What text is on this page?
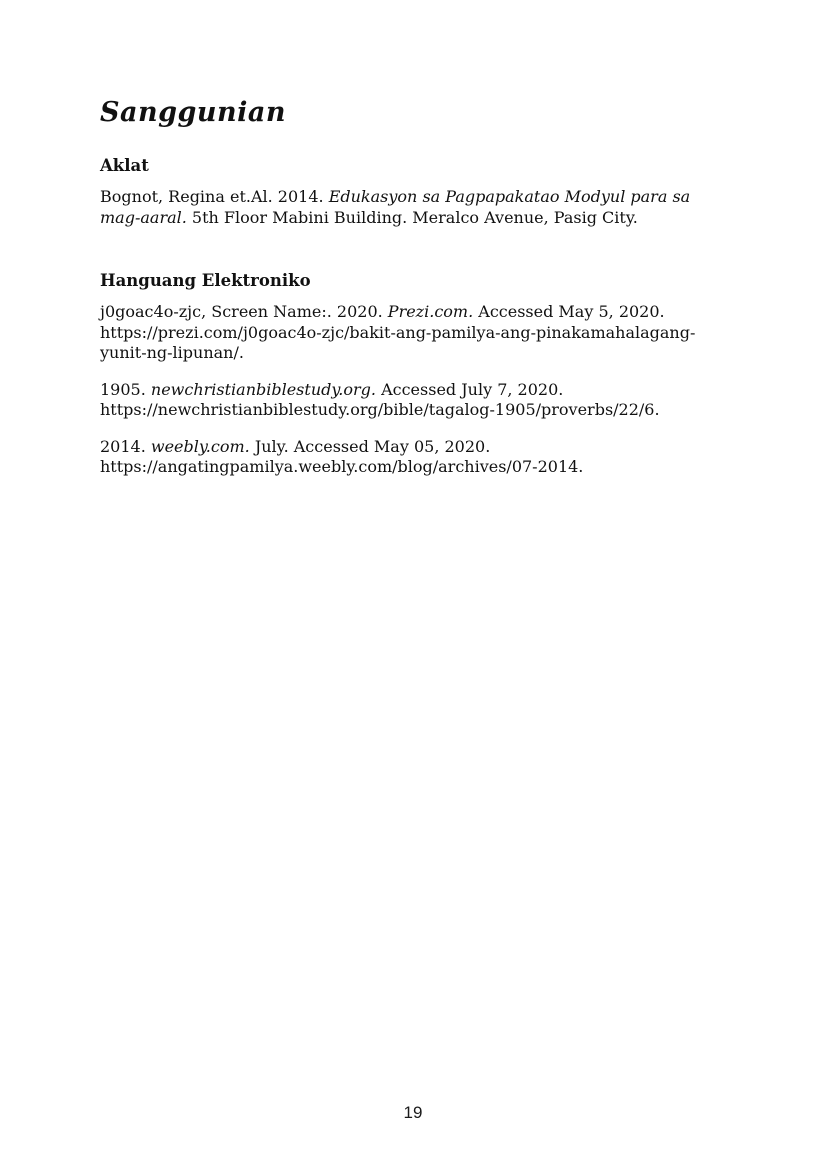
Sanggunian
Aklat

Bognot, Regina et.Al. 2014. Edukasyon sa Pagpapakatao Modyul para sa mag-aaral. 5th Floor Mabini Building. Meralco Avenue, Pasig City.

Hanguang Elektroniko

j0goac4o-zjc, Screen Name:. 2020. Prezi.com. Accessed May 5, 2020. https://prezi.com/j0goac4o-zjc/bakit-ang-pamilya-ang-pinakamahalagang-yunit-ng-lipunan/.

1905. newchristianbiblestudy.org. Accessed July 7, 2020. https://newchristianbiblestudy.org/bible/tagalog-1905/proverbs/22/6.

2014. weebly.com. July. Accessed May 05, 2020. https://angatingpamilya.weebly.com/blog/archives/07-2014.

19
